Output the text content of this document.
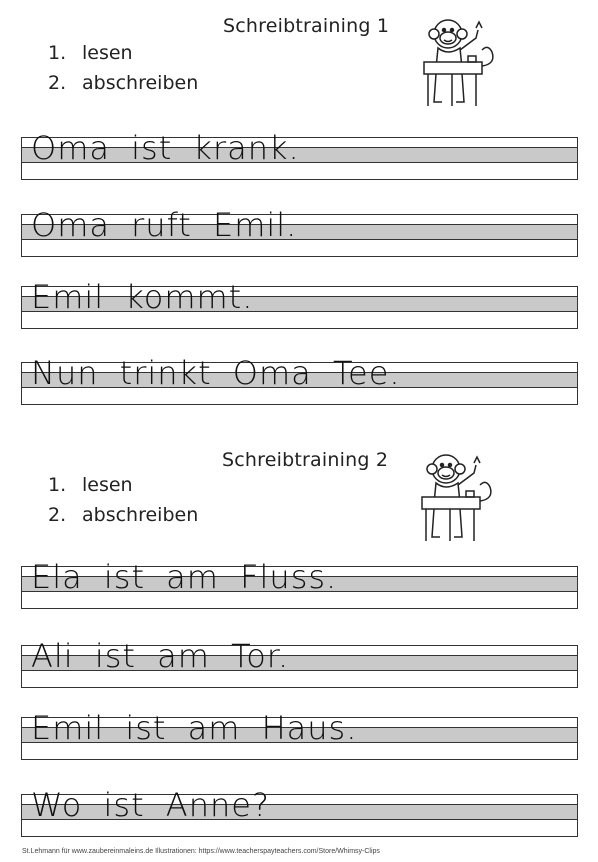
Schreibtraining 1
1. lesen
2. abschreiben
Oma ist krank.
Oma ruft Emil.
Emil kommt.
Nun trinkt Oma Tee.
Schreibtraining 2
1. lesen
2. abschreiben
Ela ist am Fluss.
Ali ist am Tor.
Emil ist am Haus.
Wo ist Anne?
St.Lehmann für www.zaubereinmaleins.de Illustrationen: https://www.teacherspayteachers.com/Store/Whimsy-Clips
